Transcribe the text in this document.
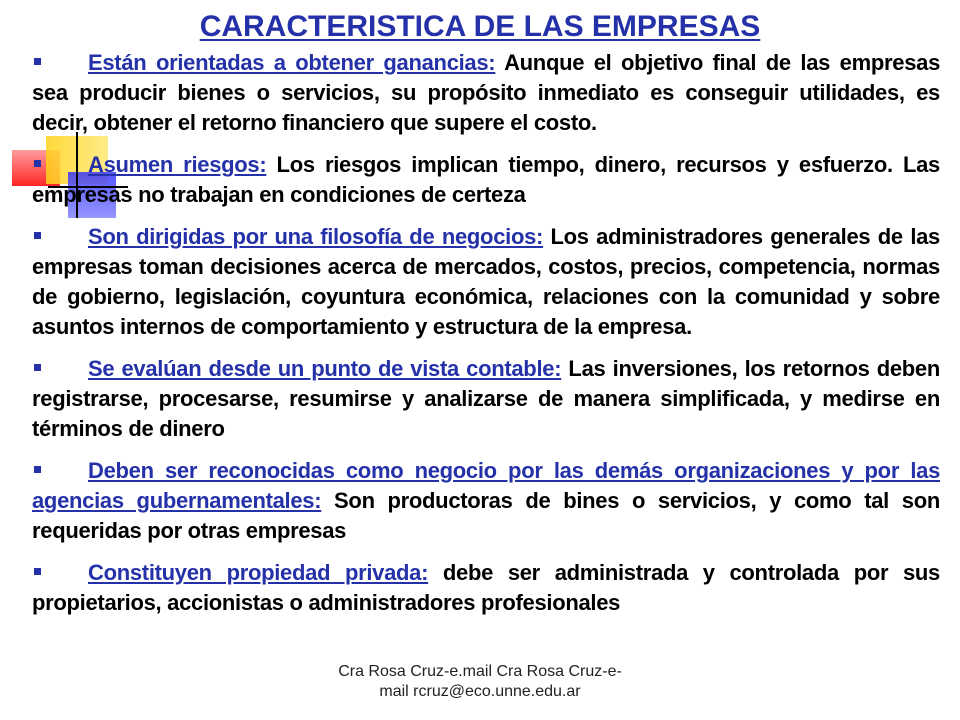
CARACTERISTICA DE LAS EMPRESAS
Están orientadas a obtener ganancias: Aunque el objetivo final de las empresas sea producir bienes o servicios, su propósito inmediato es conseguir utilidades, es decir, obtener el retorno financiero que supere el costo.
Asumen riesgos: Los riesgos implican tiempo, dinero, recursos y esfuerzo. Las empresas no trabajan en condiciones de certeza
Son dirigidas por una filosofía de negocios: Los administradores generales de las empresas toman decisiones acerca de mercados, costos, precios, competencia, normas de gobierno, legislación, coyuntura económica, relaciones con la comunidad y sobre asuntos internos de comportamiento y estructura de la empresa.
Se evalúan desde un punto de vista contable: Las inversiones, los retornos deben registrarse, procesarse, resumirse y analizarse de manera simplificada, y medirse en términos de dinero
Deben ser reconocidas como negocio por las demás organizaciones y por las agencias gubernamentales: Son productoras de bines o servicios, y como tal son requeridas por otras empresas
Constituyen propiedad privada: debe ser administrada y controlada por sus propietarios, accionistas o administradores profesionales
Cra Rosa Cruz-e.mail Cra Rosa Cruz-e-
mail rcruz@eco.unne.edu.ar
